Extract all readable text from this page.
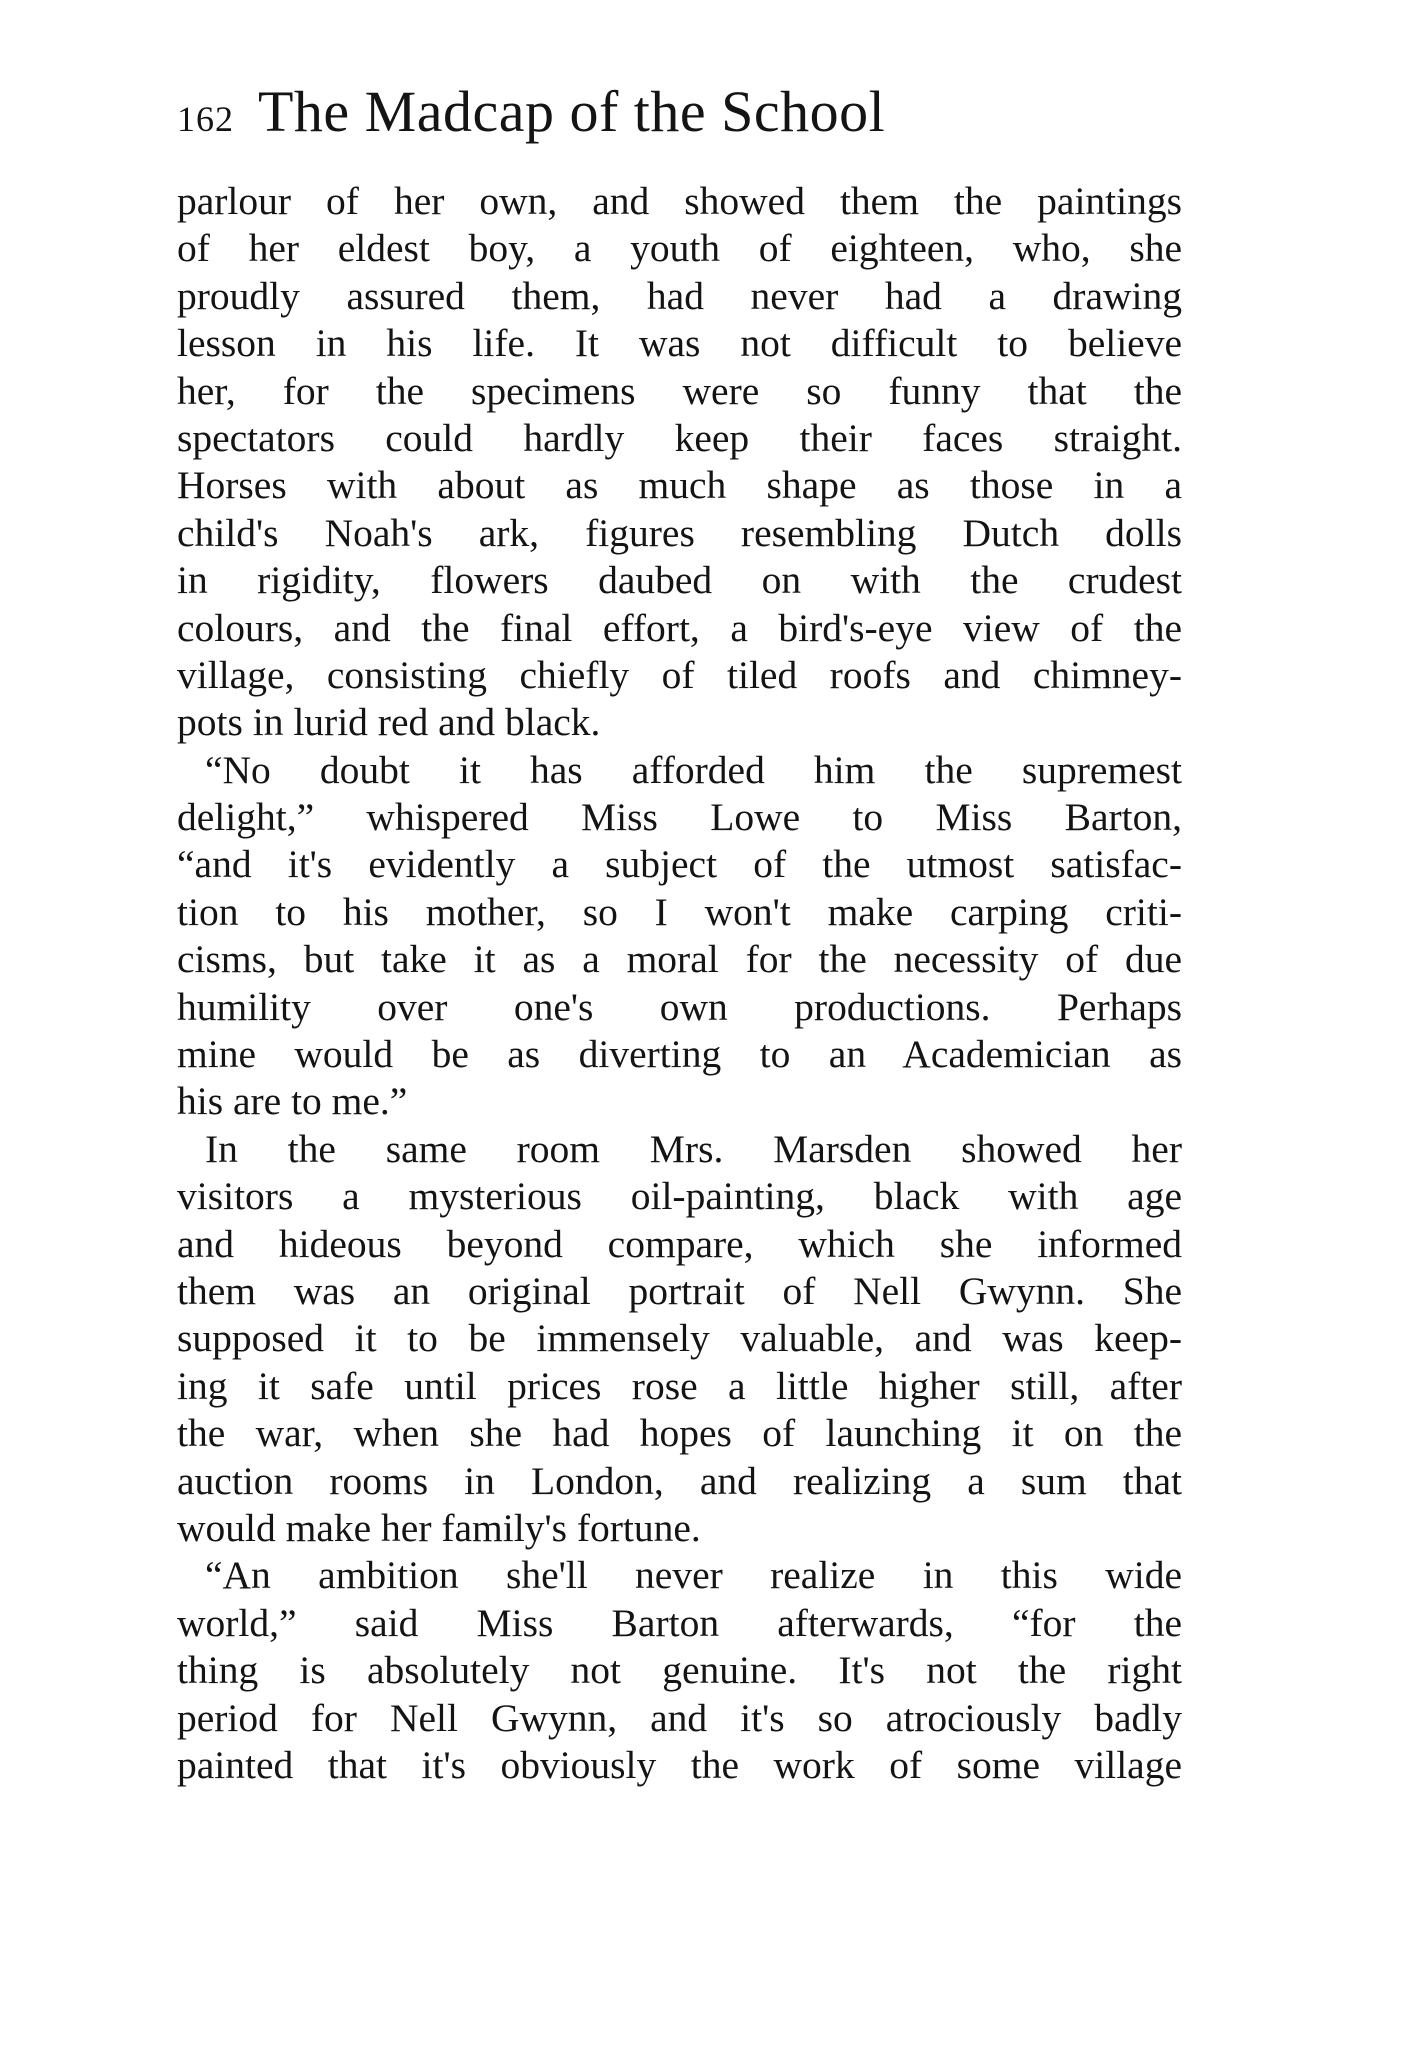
162 The Madcap of the School
parlour of her own, and showed them the paintings
of her eldest boy, a youth of eighteen, who, she
proudly assured them, had never had a drawing
lesson in his life. It was not difficult to believe
her, for the specimens were so funny that the
spectators could hardly keep their faces straight.
Horses with about as much shape as those in a
child's Noah's ark, figures resembling Dutch dolls
in rigidity, flowers daubed on with the crudest
colours, and the final effort, a bird's-eye view of the
village, consisting chiefly of tiled roofs and chimney-
pots in lurid red and black.
“No doubt it has afforded him the supremest
delight,” whispered Miss Lowe to Miss Barton,
“and it's evidently a subject of the utmost satisfac-
tion to his mother, so I won't make carping criti-
cisms, but take it as a moral for the necessity of due
humility over one's own productions. Perhaps
mine would be as diverting to an Academician as
his are to me.”
In the same room Mrs. Marsden showed her
visitors a mysterious oil-painting, black with age
and hideous beyond compare, which she informed
them was an original portrait of Nell Gwynn. She
supposed it to be immensely valuable, and was keep-
ing it safe until prices rose a little higher still, after
the war, when she had hopes of launching it on the
auction rooms in London, and realizing a sum that
would make her family's fortune.
“An ambition she'll never realize in this wide
world,” said Miss Barton afterwards, “for the
thing is absolutely not genuine. It's not the right
period for Nell Gwynn, and it's so atrociously badly
painted that it's obviously the work of some village
